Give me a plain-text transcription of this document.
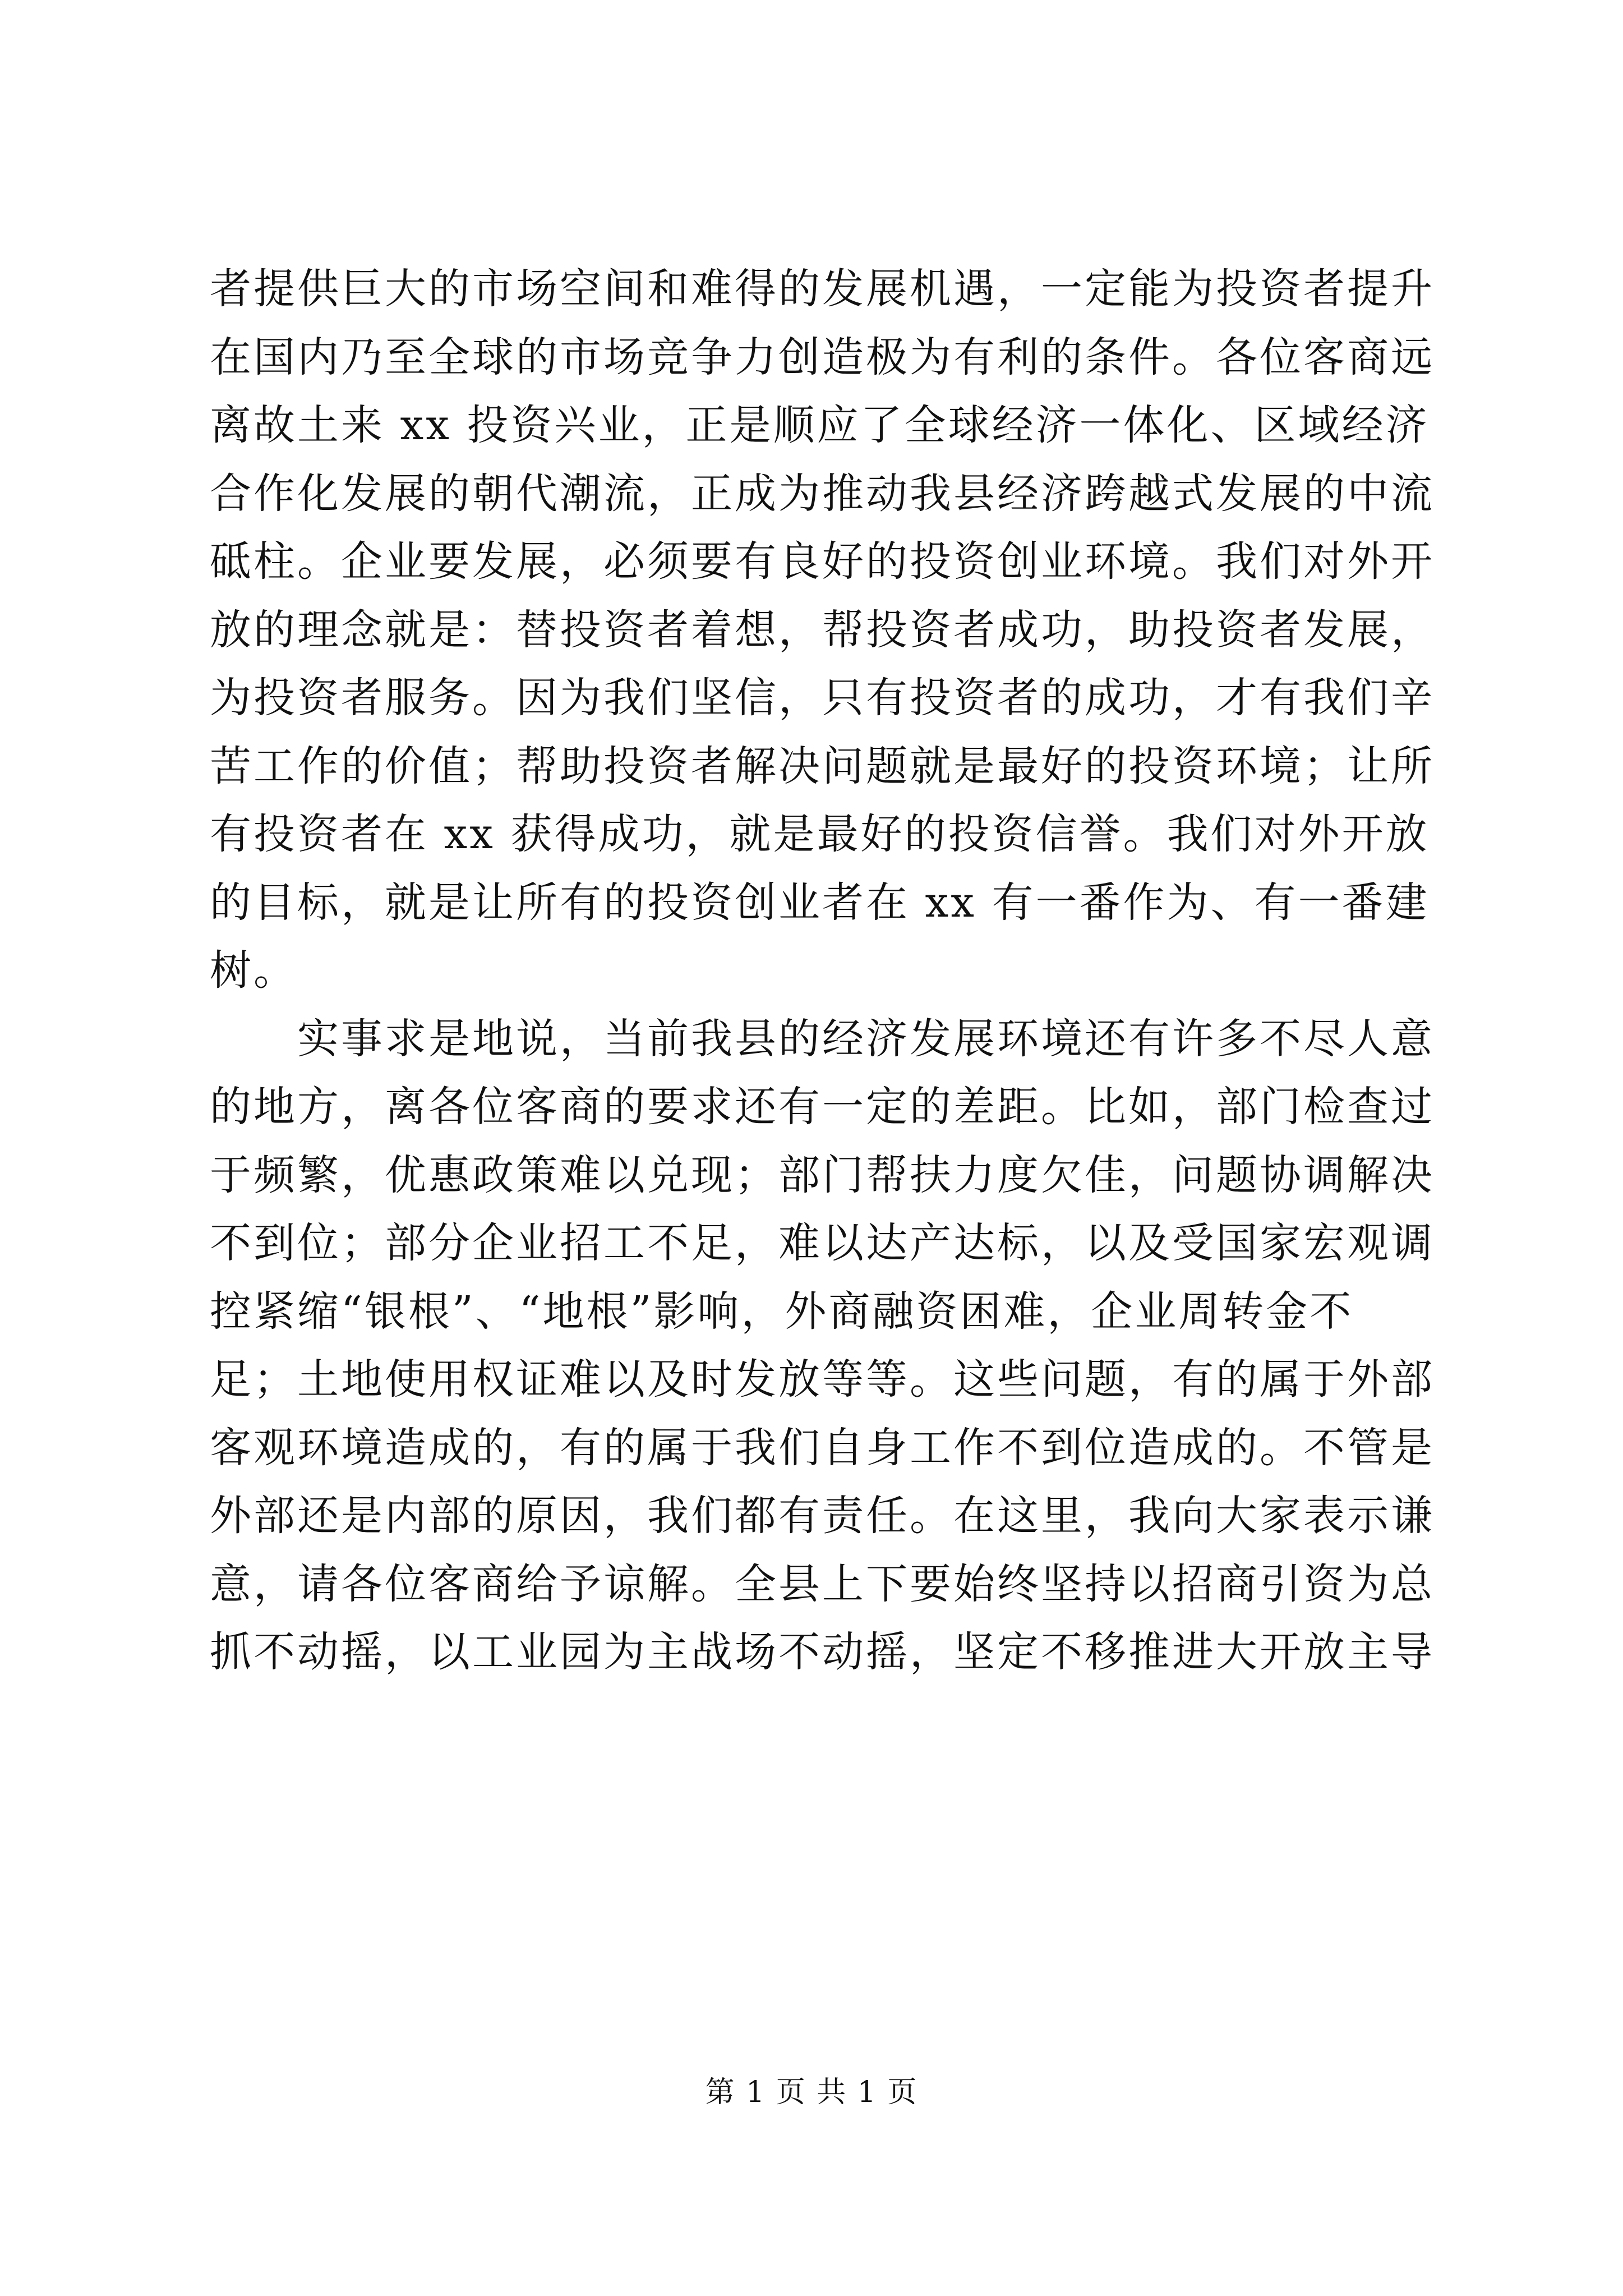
者提供巨大的市场空间和难得的发展机遇，一定能为投资者提升
在国内乃至全球的市场竞争力创造极为有利的条件。各位客商远
离故土来 xx 投资兴业，正是顺应了全球经济一体化、区域经济
合作化发展的朝代潮流，正成为推动我县经济跨越式发展的中流
砥柱。企业要发展，必须要有良好的投资创业环境。我们对外开
放的理念就是：替投资者着想，帮投资者成功，助投资者发展，
为投资者服务。因为我们坚信，只有投资者的成功，才有我们辛
苦工作的价值；帮助投资者解决问题就是最好的投资环境；让所
有投资者在 xx 获得成功，就是最好的投资信誉。我们对外开放
的目标，就是让所有的投资创业者在 xx 有一番作为、有一番建
树。
　　实事求是地说，当前我县的经济发展环境还有许多不尽人意
的地方，离各位客商的要求还有一定的差距。比如，部门检查过
于频繁，优惠政策难以兑现；部门帮扶力度欠佳，问题协调解决
不到位；部分企业招工不足，难以达产达标，以及受国家宏观调
控紧缩“银根”、“地根”影响，外商融资困难，企业周转金不
足；土地使用权证难以及时发放等等。这些问题，有的属于外部
客观环境造成的，有的属于我们自身工作不到位造成的。不管是
外部还是内部的原因，我们都有责任。在这里，我向大家表示谦
意，请各位客商给予谅解。全县上下要始终坚持以招商引资为总
抓不动摇，以工业园为主战场不动摇，坚定不移推进大开放主导
第 1 页 共 1 页
